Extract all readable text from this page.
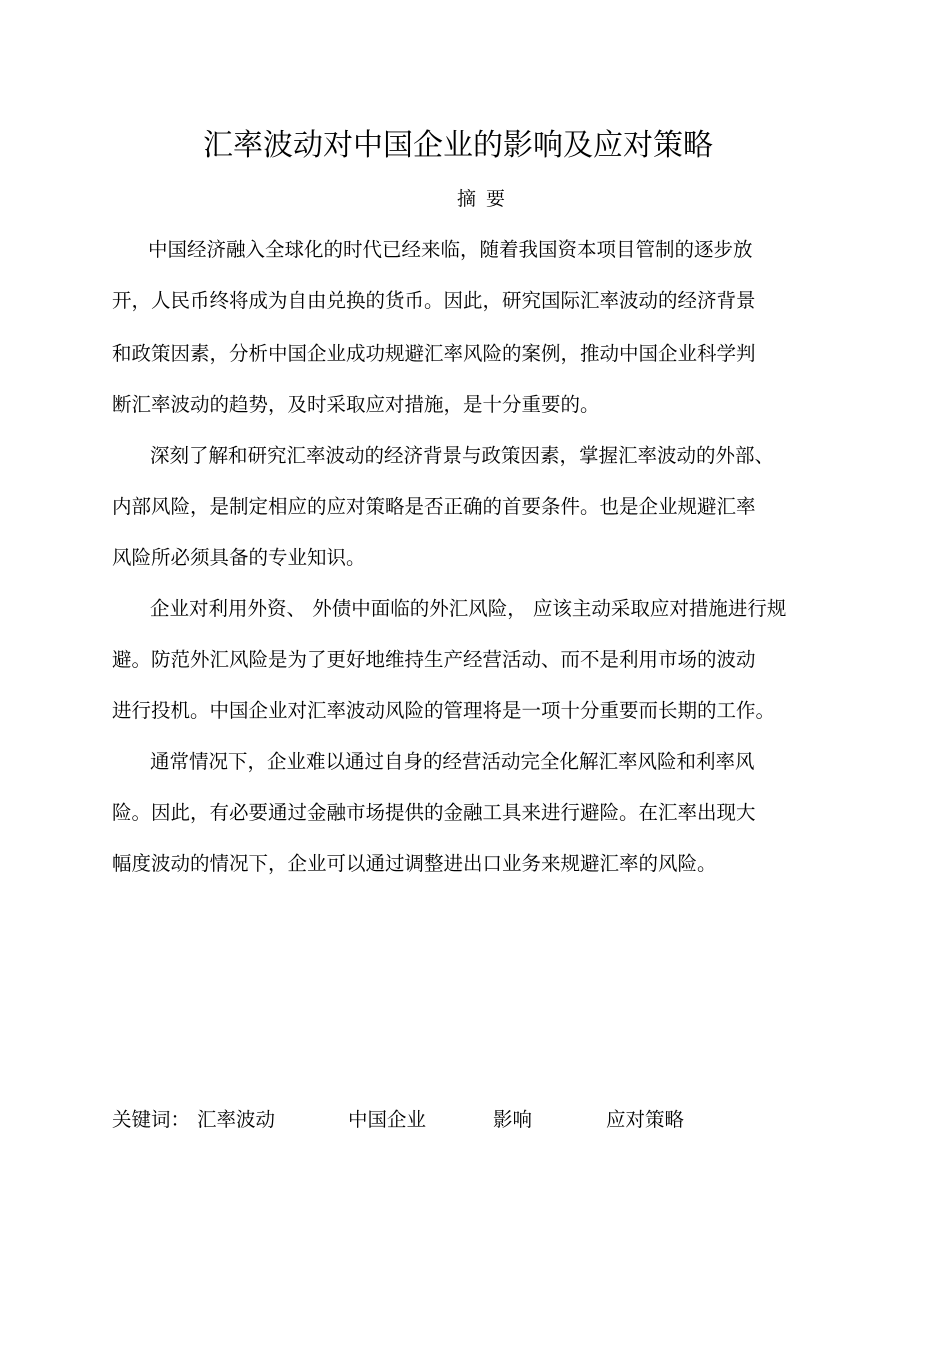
汇率波动对中国企业的影响及应对策略
摘要

中国经济融入全球化的时代已经来临，随着我国资本项目管制的逐步放

开，人民币终将成为自由兑换的货币。因此，研究国际汇率波动的经济背景

和政策因素，分析中国企业成功规避汇率风险的案例，推动中国企业科学判

断汇率波动的趋势，及时采取应对措施，是十分重要的。

深刻了解和研究汇率波动的经济背景与政策因素，掌握汇率波动的外部、

内部风险，是制定相应的应对策略是否正确的首要条件。也是企业规避汇率

风险所必须具备的专业知识。

企业对利用外资、 外债中面临的外汇风险， 应该主动采取应对措施进行规

避。防范外汇风险是为了更好地维持生产经营活动、而不是利用市场的波动

进行投机。中国企业对汇率波动风险的管理将是一项十分重要而长期的工作。

通常情况下，企业难以通过自身的经营活动完全化解汇率风险和利率风

险。因此，有必要通过金融市场提供的金融工具来进行避险。在汇率出现大

幅度波动的情况下，企业可以通过调整进出口业务来规避汇率的风险。

关键词： 汇率波动	中国企业	影响	应对策略
